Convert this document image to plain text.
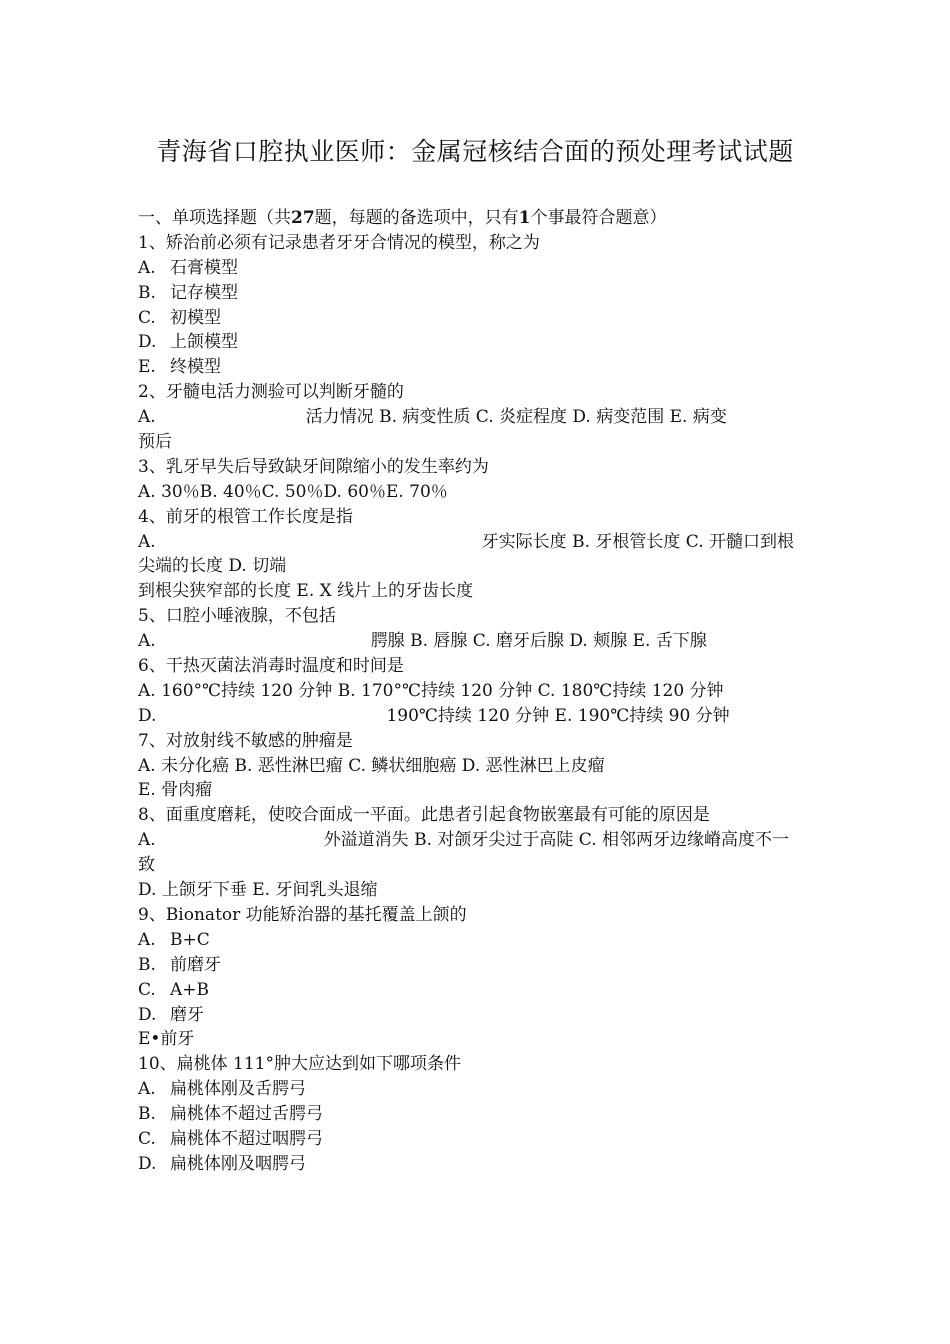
青海省口腔执业医师：金属冠核结合面的预处理考试试题
一、单项选择题（共27题，每题的备选项中，只有1个事最符合题意）
1、矫治前必须有记录患者牙牙合情况的模型，称之为
A. 石膏模型
B. 记存模型
C. 初模型
D. 上颌模型
E. 终模型
2、牙髓电活力测验可以判断牙髓的
A.	活力情况 B. 病变性质 C. 炎症程度 D. 病变范围 E. 病变
预后
3、乳牙早失后导致缺牙间隙缩小的发生率约为
A. 30％B. 40％C. 50％D. 60％E. 70％
4、前牙的根管工作长度是指
A.	牙实际长度 B. 牙根管长度 C. 开髓口到根
尖端的长度 D. 切端
到根尖狭窄部的长度 E. X 线片上的牙齿长度
5、口腔小唾液腺，不包括
A.	腭腺 B. 唇腺 C. 磨牙后腺 D. 颊腺 E. 舌下腺
6、干热灭菌法消毒时温度和时间是
A. 160°℃持续 120 分钟 B. 170°℃持续 120 分钟 C. 180℃持续 120 分钟
D.	190℃持续 120 分钟 E. 190℃持续 90 分钟
7、对放射线不敏感的肿瘤是
A. 未分化癌 B. 恶性淋巴瘤 C. 鳞状细胞癌 D. 恶性淋巴上皮瘤
E. 骨肉瘤
8、面重度磨耗，使咬合面成一平面。此患者引起食物嵌塞最有可能的原因是
A.	外溢道消失 B. 对颌牙尖过于高陡 C. 相邻两牙边缘嵴高度不一
致
D. 上颌牙下垂 E. 牙间乳头退缩
9、Bionator 功能矫治器的基托覆盖上颌的
A. B+C
B. 前磨牙
C. A+B
D. 磨牙
E•前牙
10、扁桃体 111°肿大应达到如下哪项条件
A. 扁桃体刚及舌腭弓
B. 扁桃体不超过舌腭弓
C. 扁桃体不超过咽腭弓
D. 扁桃体刚及咽腭弓
